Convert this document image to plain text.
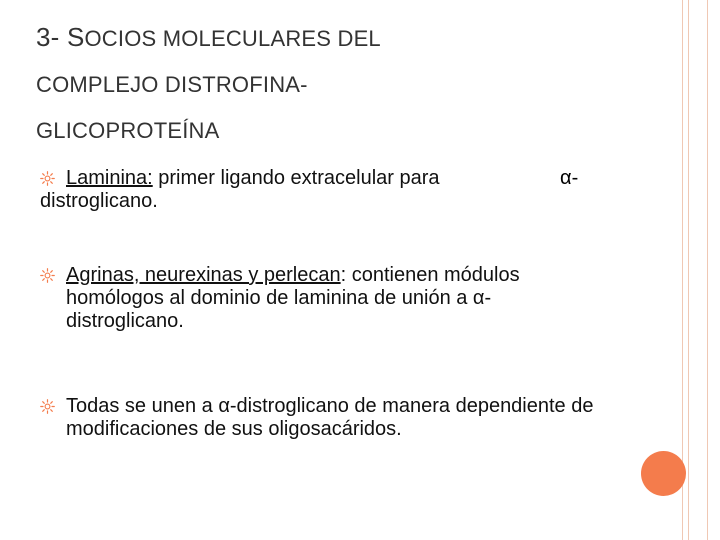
3- SOCIOS MOLECULARES DEL
COMPLEJO DISTROFINA-
GLICOPROTEÍNA
Laminina: primer ligando extracelular para
distroglicano.
Agrinas, neurexinas y perlecan: contienen módulos homólogos al dominio de laminina de unión a α-distroglicano.
Todas se unen a α-distroglicano de manera dependiente de modificaciones de sus oligosacáridos.
α-
